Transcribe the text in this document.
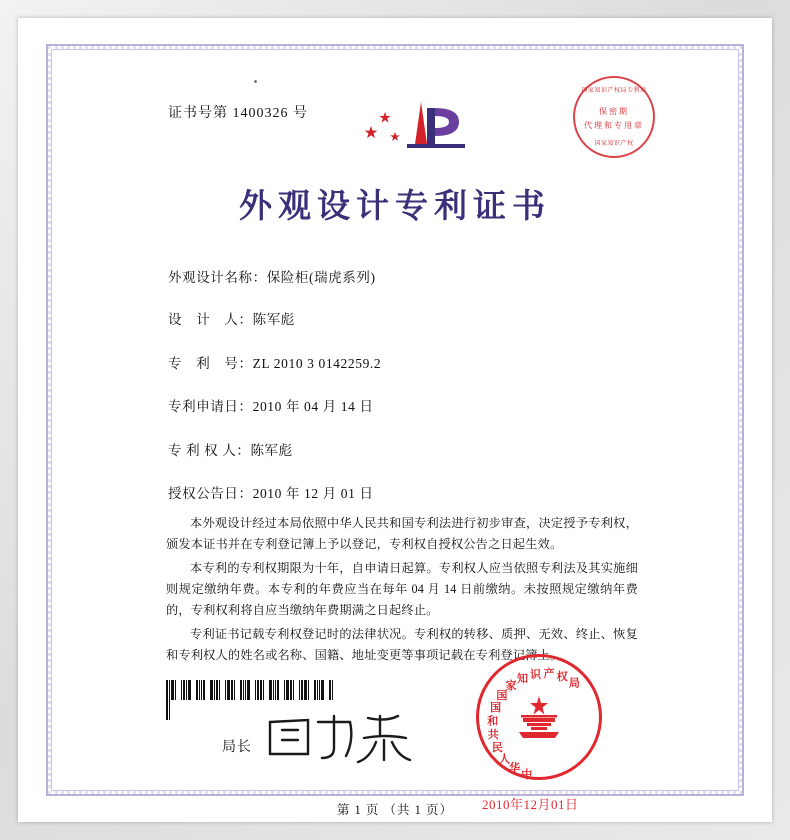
证书号第 1400326 号
国家知识产权局专利局
保密期
代理和专用章
国家知识产权
外观设计专利证书
外观设计名称：保险柜(瑞虎系列)
设　计　人：陈军彪
专　利　号：ZL 2010 3 0142259.2
专利申请日：2010 年 04 月 14 日
专 利 权 人：陈军彪
授权公告日：2010 年 12 月 01 日
本外观设计经过本局依照中华人民共和国专利法进行初步审查，决定授予专利权，颁发本证书并在专利登记簿上予以登记，专利权自授权公告之日起生效。
本专利的专利权期限为十年，自申请日起算。专利权人应当依照专利法及其实施细则规定缴纳年费。本专利的年费应当在每年 04 月 14 日前缴纳。未按照规定缴纳年费的，专利权利将自应当缴纳年费期满之日起终止。
专利证书记载专利权登记时的法律状况。专利权的转移、质押、无效、终止、恢复和专利权人的姓名或名称、国籍、地址变更等事项记载在专利登记簿上。

局长
中
华
人
民
共
和
国
国
家
知 识 产 权
局
2010年12月01日
第 1 页 （共 1 页）
